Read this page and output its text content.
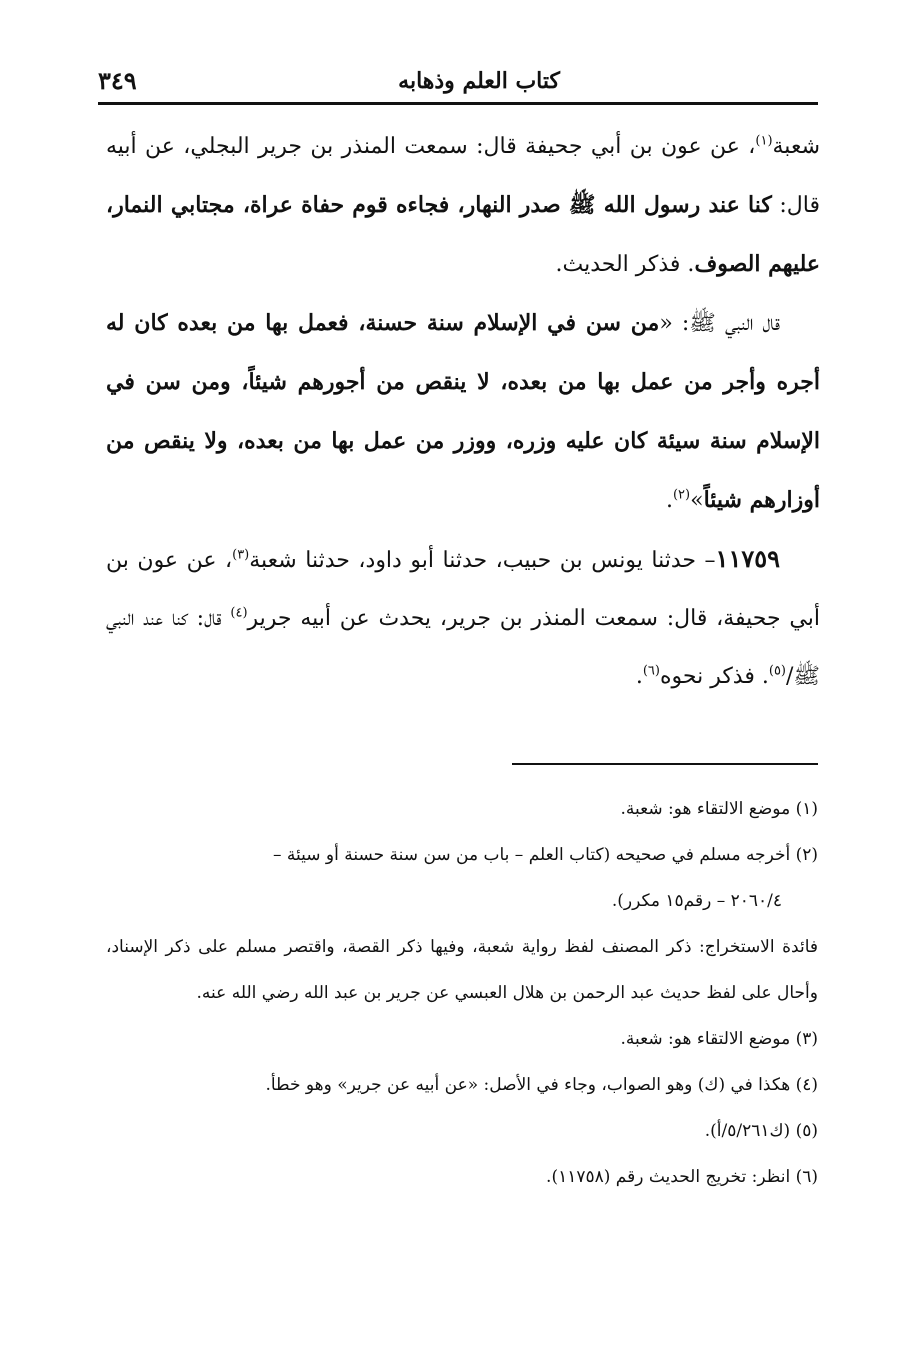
كتاب العلم وذهابه
٣٤٩

شعبة$^{(١)}$، عن عون بن أبي جحيفة قال: سمعت المنذر بن جرير البجلي، عن أبيه قال: كنا عند رسول الله ﷺ صدر النهار، فجاءه قوم حفاة عراة، مجتابي النمار، عليهم الصوف. فذكر الحديث.

قال النبي ﷺ: «من سن في الإسلام سنة حسنة، فعمل بها من بعده كان له أجره وأجر من عمل بها من بعده، لا ينقص من أجورهم شيئاً، ومن سن في الإسلام سنة سيئة كان عليه وزره، ووزر من عمل بها من بعده، ولا ينقص من أوزارهم شيئاً»$^{(٢)}$.

١١٧٥٩– حدثنا يونس بن حبيب، حدثنا أبو داود، حدثنا شعبة$^{(٣)}$، عن عون بن أبي جحيفة، قال: سمعت المنذر بن جرير، يحدث عن أبيه جرير$^{(٤)}$ قال: كنا عند النبي ﷺ/$^{(٥)}$. فذكر نحوه$^{(٦)}$.

(١) موضع الالتقاء هو: شعبة.

(٢) أخرجه مسلم في صحيحه (كتاب العلم – باب من سن سنة حسنة أو سيئة –

٢٠٦٠/٤ – رقم١٥ مكرر).

فائدة الاستخراج: ذكر المصنف لفظ رواية شعبة، وفيها ذكر القصة، واقتصر مسلم على ذكر الإسناد، وأحال على لفظ حديث عبد الرحمن بن هلال العبسي عن جرير بن عبد الله رضي الله عنه.

(٣) موضع الالتقاء هو: شعبة.

(٤) هكذا في (ك) وهو الصواب، وجاء في الأصل: «عن أبيه عن جرير» وهو خطأ.

(٥) (ك٥/٢٦١/أ).

(٦) انظر: تخريج الحديث رقم (١١٧٥٨).
